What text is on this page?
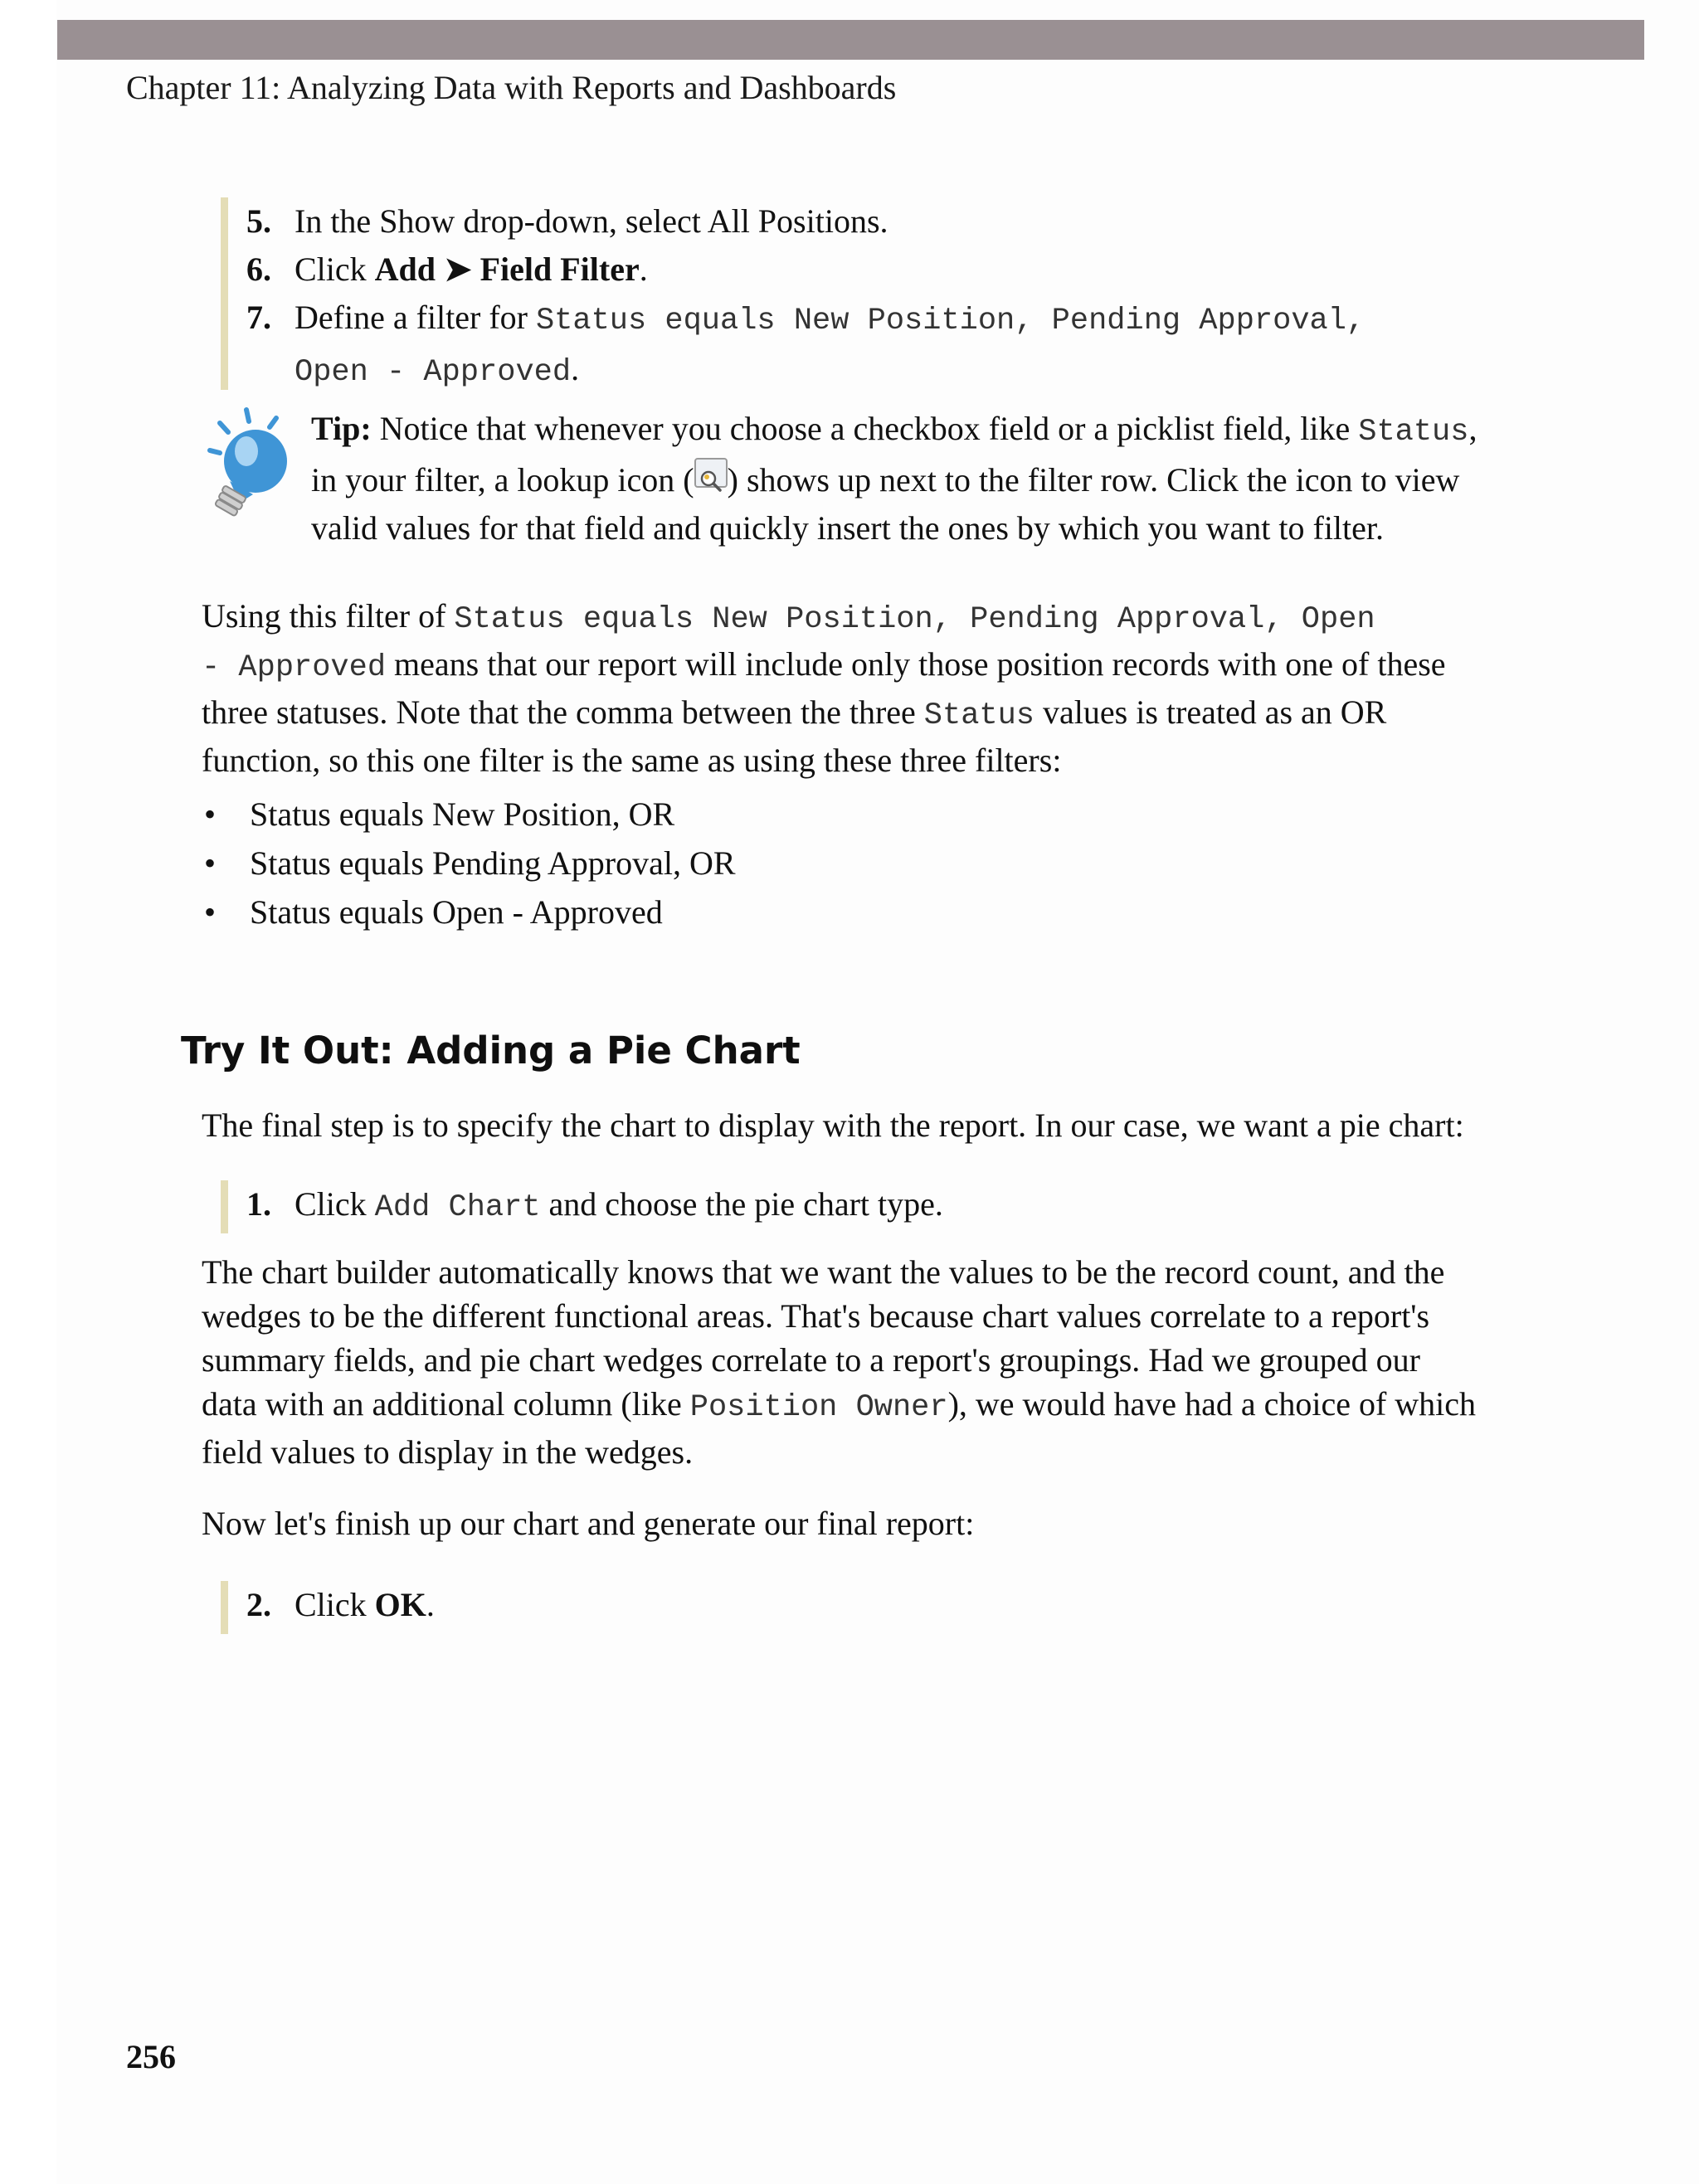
Chapter 11: Analyzing Data with Reports and Dashboards
5. In the Show drop-down, select All Positions.
6. Click Add ➤ Field Filter.
7. Define a filter for Status equals New Position, Pending Approval,
Open - Approved.
Tip: Notice that whenever you choose a checkbox field or a picklist field, like Status,
in your filter, a lookup icon ( ) shows up next to the filter row. Click the icon to view
valid values for that field and quickly insert the ones by which you want to filter.
Using this filter of Status equals New Position, Pending Approval, Open
- Approved means that our report will include only those position records with one of these
three statuses. Note that the comma between the three Status values is treated as an OR
function, so this one filter is the same as using these three filters:
• Status equals New Position, OR
• Status equals Pending Approval, OR
• Status equals Open - Approved
Try It Out: Adding a Pie Chart
The final step is to specify the chart to display with the report. In our case, we want a pie chart:
1. Click Add Chart and choose the pie chart type.
The chart builder automatically knows that we want the values to be the record count, and the
wedges to be the different functional areas. That's because chart values correlate to a report's
summary fields, and pie chart wedges correlate to a report's groupings. Had we grouped our
data with an additional column (like Position Owner), we would have had a choice of which
field values to display in the wedges.
Now let's finish up our chart and generate our final report:
2. Click OK.
256
